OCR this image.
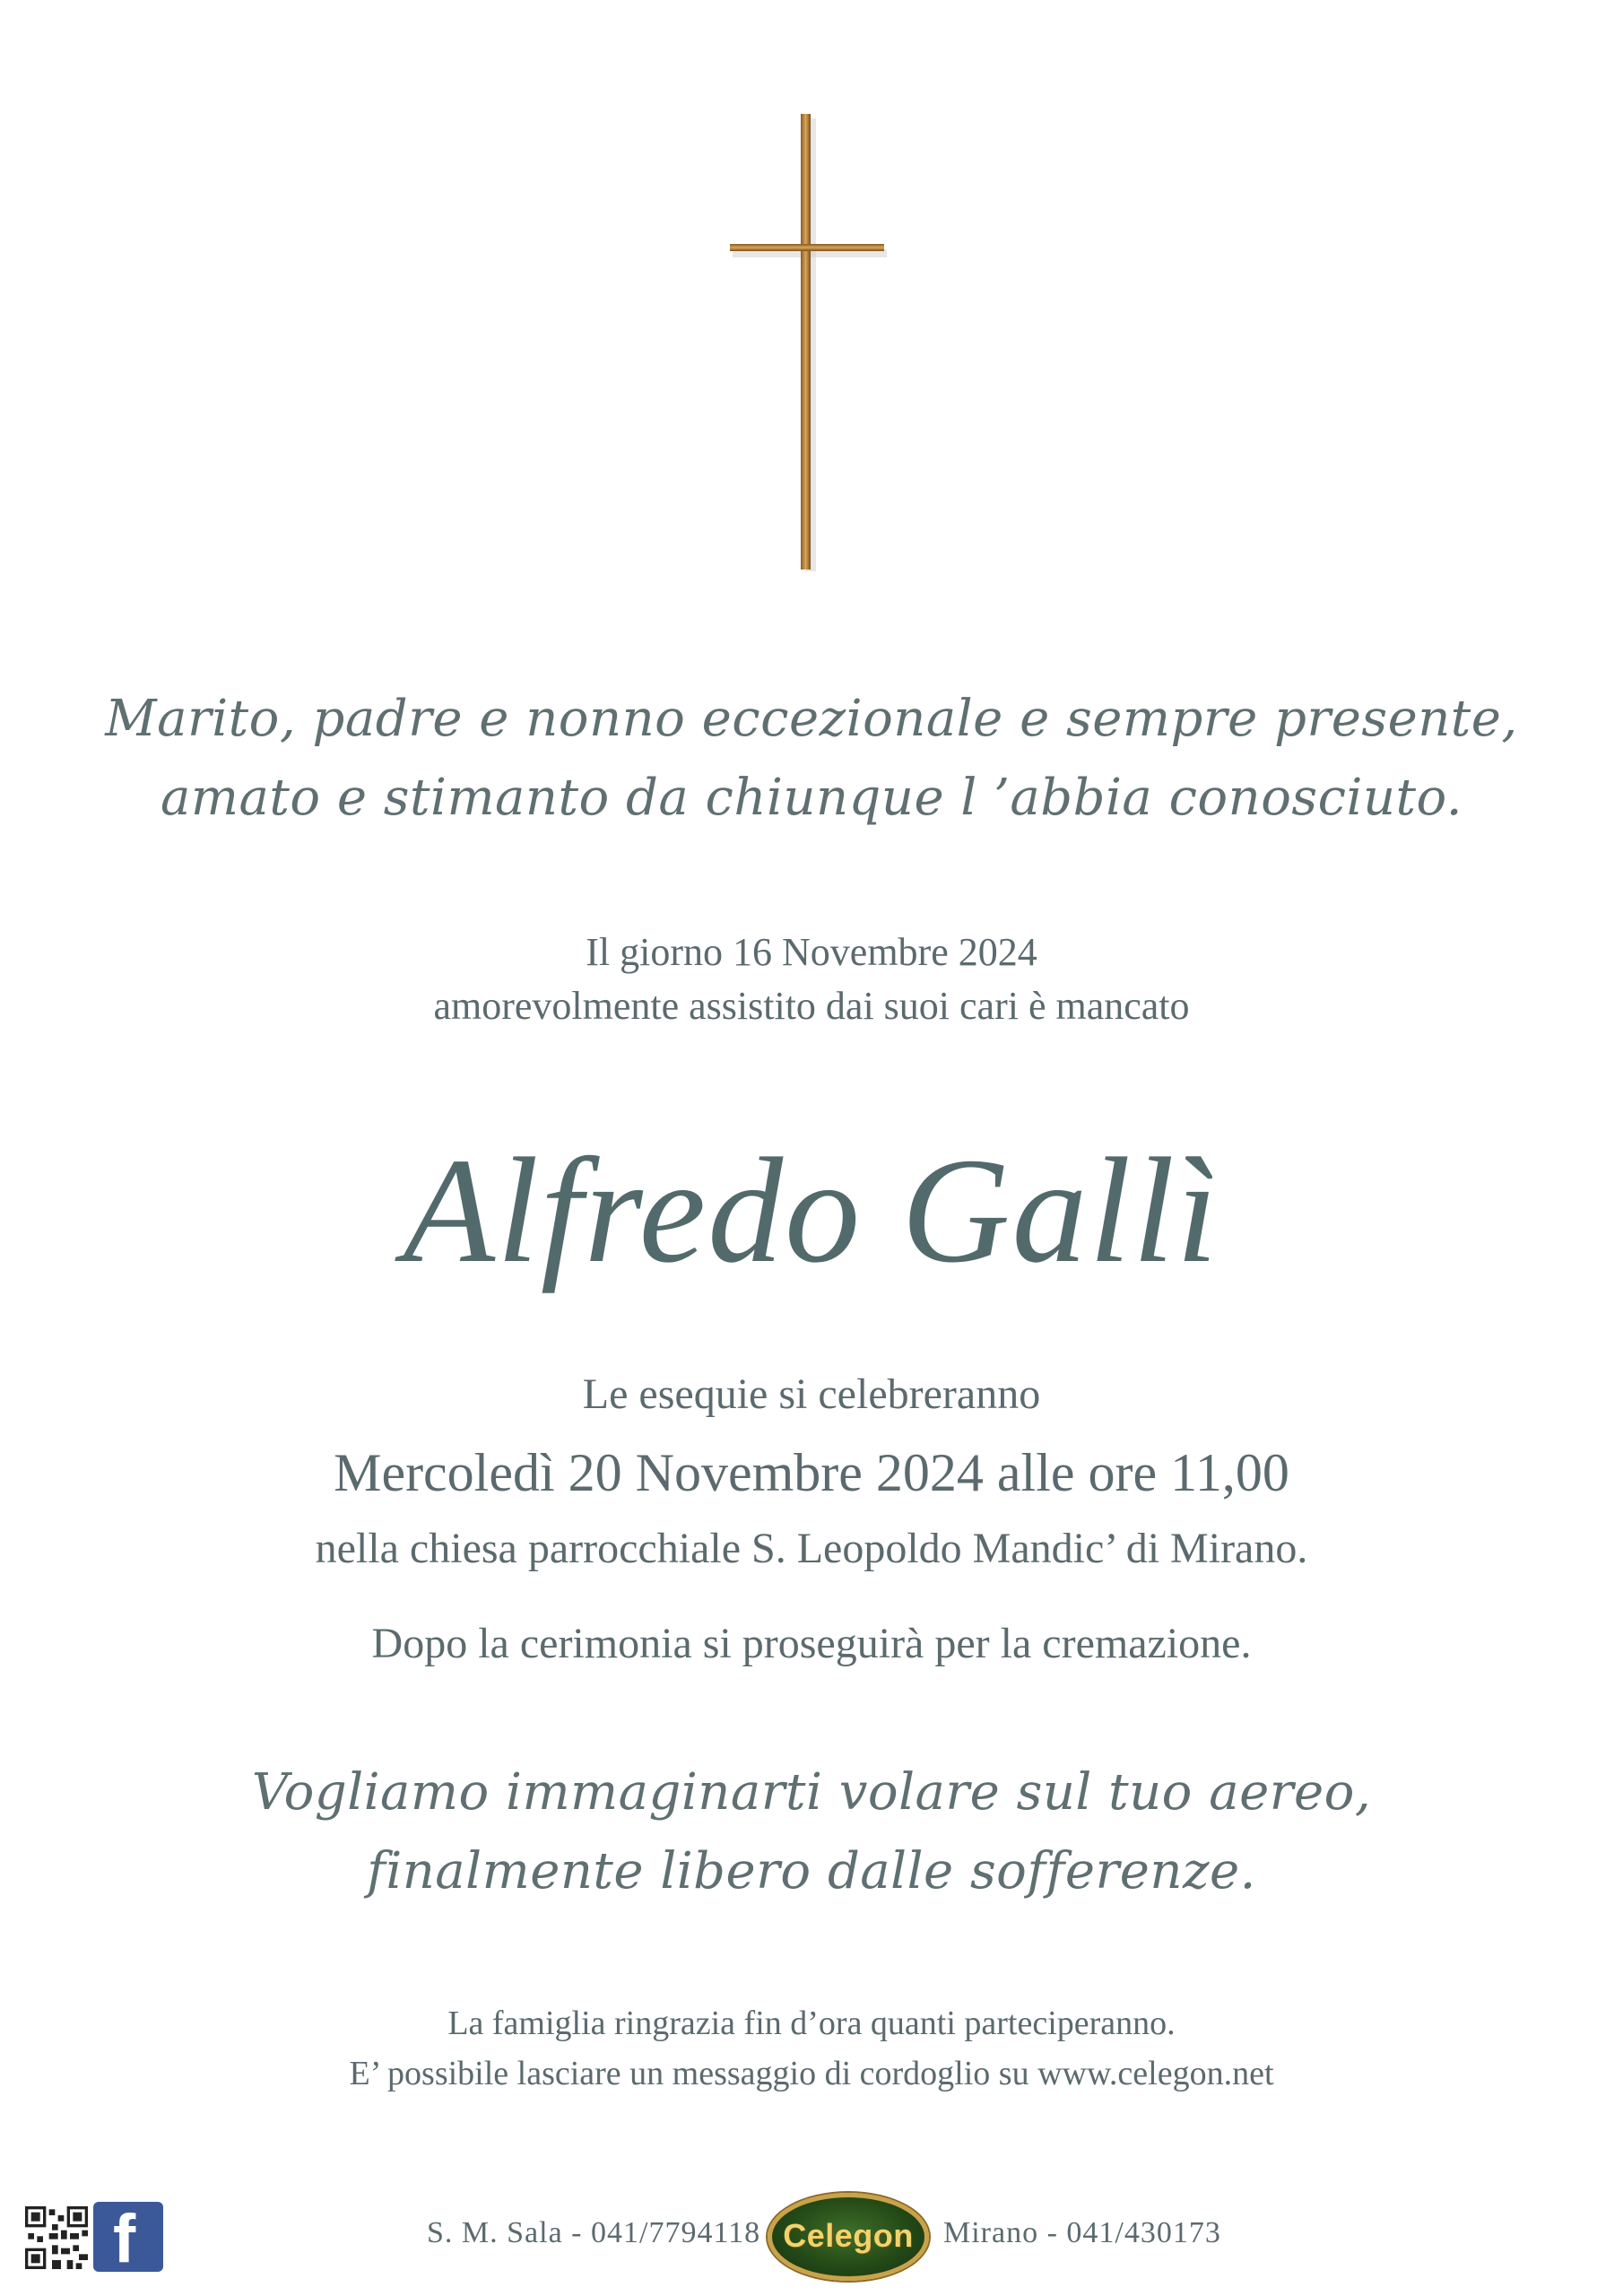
Marito, padre e nonno eccezionale e sempre presente,
amato e stimanto da chiunque l ’abbia conosciuto.
Il giorno 16 Novembre 2024
amorevolmente assistito dai suoi cari è mancato
Alfredo Gallì
Le esequie si celebreranno
Mercoledì 20 Novembre 2024 alle ore 11,00
nella chiesa parrocchiale S. Leopoldo Mandic’ di Mirano.
Dopo la cerimonia si proseguirà per la cremazione.
Vogliamo immaginarti volare sul tuo aereo,
finalmente libero dalle sofferenze.
La famiglia ringrazia fin d’ora quanti parteciperanno.
E’ possibile lasciare un messaggio di cordoglio su www.celegon.net
f	S. M. Sala - 041/7794118 Celegon Mirano - 041/430173
